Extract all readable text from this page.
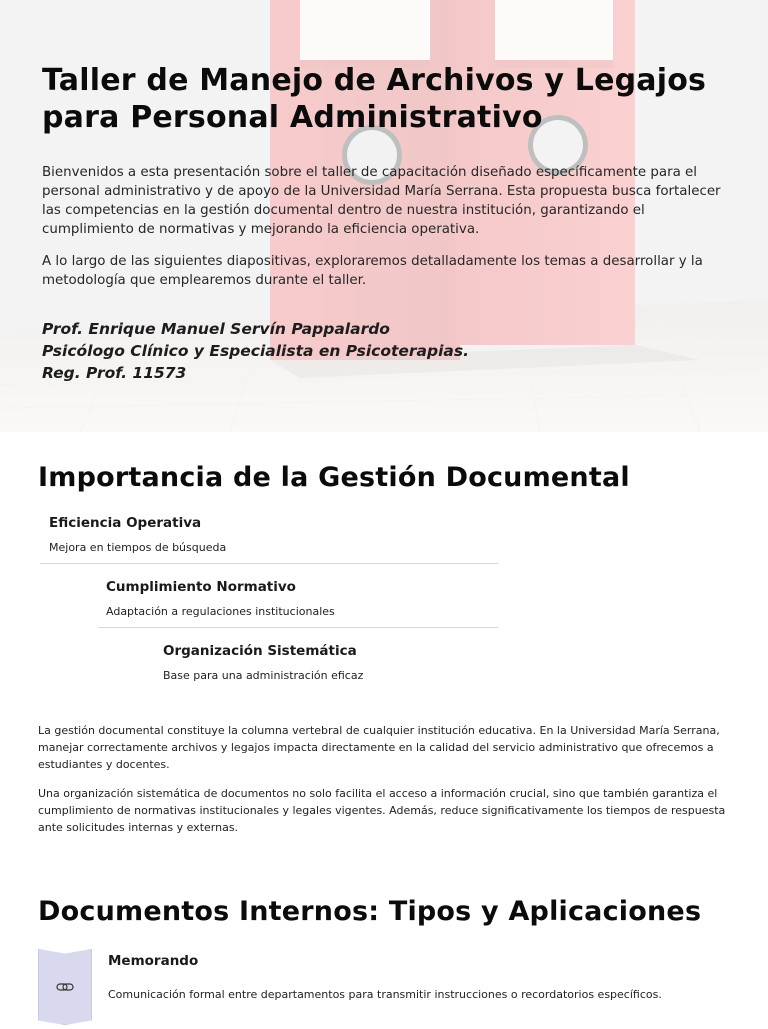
Taller de Manejo de Archivos y Legajos para Personal Administrativo

Bienvenidos a esta presentación sobre el taller de capacitación diseñado específicamente para el personal administrativo y de apoyo de la Universidad María Serrana. Esta propuesta busca fortalecer las competencias en la gestión documental dentro de nuestra institución, garantizando el cumplimiento de normativas y mejorando la eficiencia operativa.

A lo largo de las siguientes diapositivas, exploraremos detalladamente los temas a desarrollar y la metodología que emplearemos durante el taller.

Prof. Enrique Manuel Servín Pappalardo
Psicólogo Clínico y Especialista en Psicoterapias.
Reg. Prof. 11573
Importancia de la Gestión Documental
Eficiencia Operativa
Mejora en tiempos de búsqueda
Cumplimiento Normativo
Adaptación a regulaciones institucionales
Organización Sistemática
Base para una administración eficaz

La gestión documental constituye la columna vertebral de cualquier institución educativa. En la Universidad María Serrana, manejar correctamente archivos y legajos impacta directamente en la calidad del servicio administrativo que ofrecemos a estudiantes y docentes.

Una organización sistemática de documentos no solo facilita el acceso a información crucial, sino que también garantiza el cumplimiento de normativas institucionales y legales vigentes. Además, reduce significativamente los tiempos de respuesta ante solicitudes internas y externas.

Documentos Internos: Tipos y Aplicaciones
Memorando
Comunicación formal entre departamentos para transmitir instrucciones o recordatorios específicos.
